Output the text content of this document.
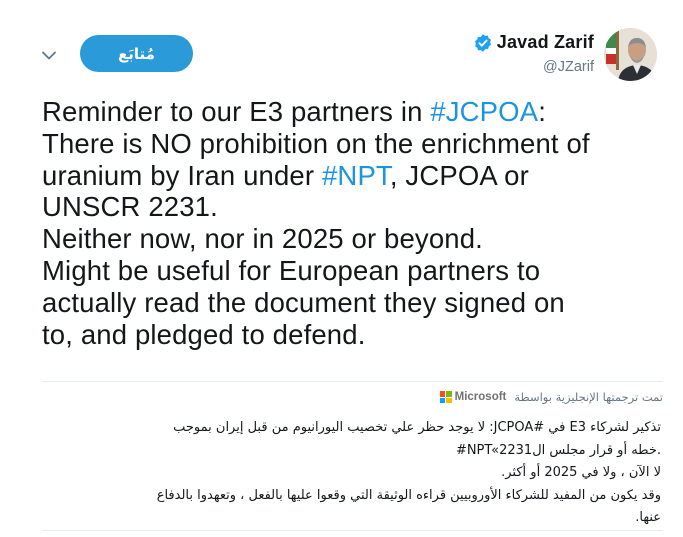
مُتابَع
Javad Zarif
@JZarif
Reminder to our E3 partners in #JCPOA:
There is NO prohibition on the enrichment of
uranium by Iran under #NPT, JCPOA or
UNSCR 2231.
Neither now, nor in 2025 or beyond.
Might be useful for European partners to
actually read the document they signed on
to, and pledged to defend.
Microsoft تمت ترجمتها الإنجليزية بواسطة
تذكير لشركاء E3 في #JCPOA: لا يوجد حظر علي تخصيب اليورانيوم من قبل إيران بموجب
#NPT«خطه أو قرار مجلس ال2231.
لا الآن ، ولا في 2025 أو أكثر.
وقد يكون من المفيد للشركاء الأوروبيين قراءه الوثيقة التي وقعوا عليها بالفعل ، وتعهدوا بالدفاع
عنها.
